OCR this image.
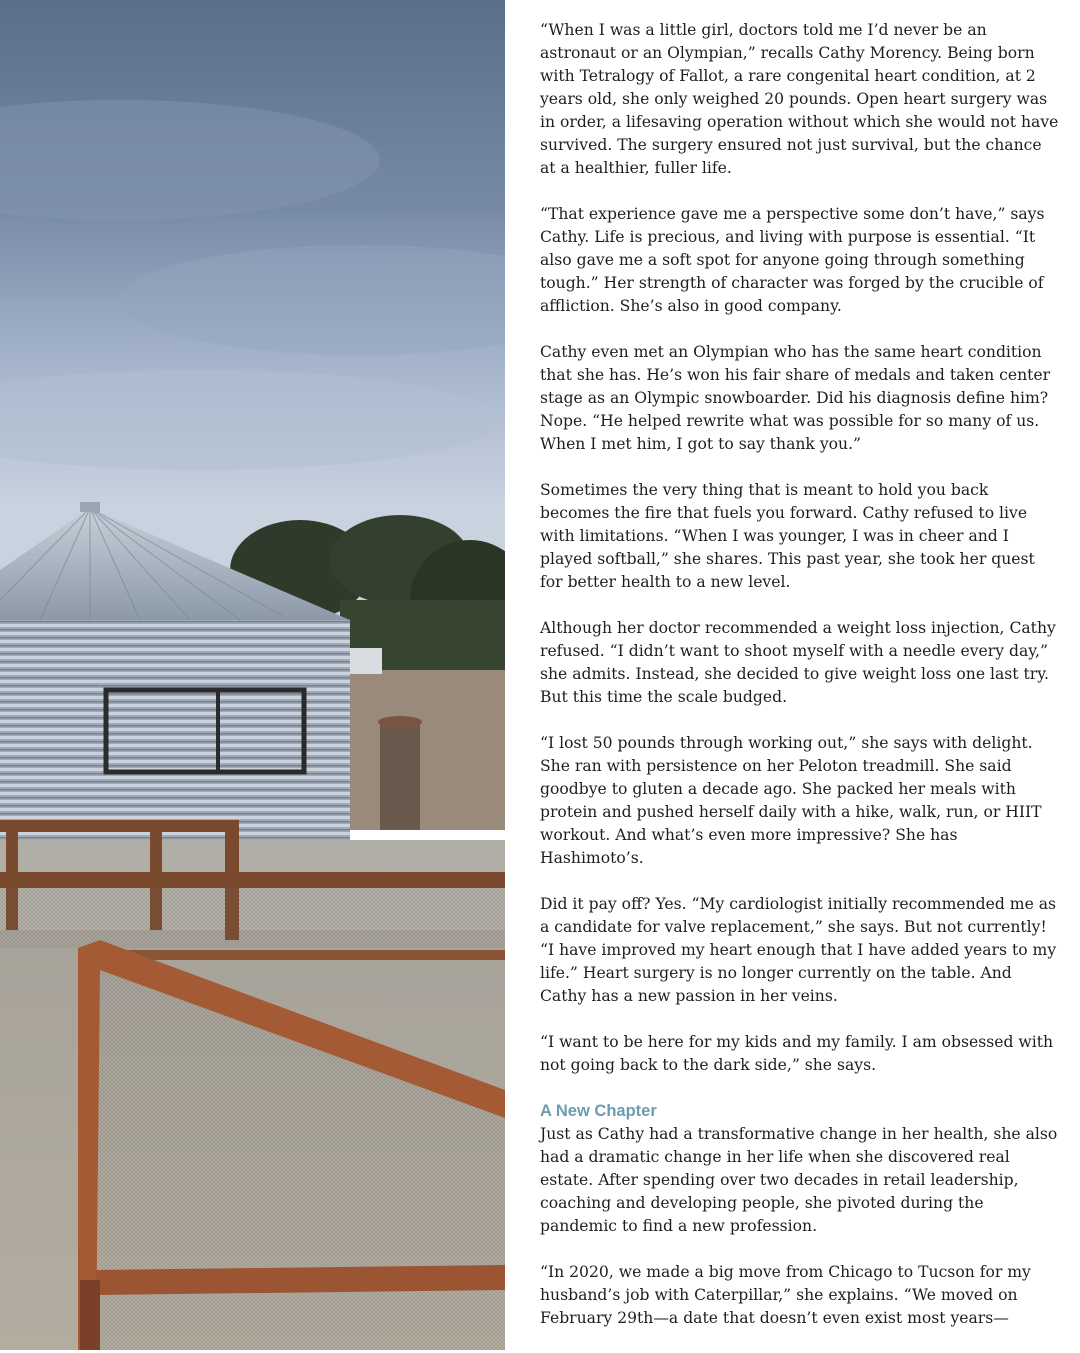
“When I was a little girl, doctors told me I’d never be an astronaut or an Olympian,” recalls Cathy Morency. Being born with Tetralogy of Fallot, a rare congenital heart condition, at 2 years old, she only weighed 20 pounds. Open heart surgery was in order, a lifesaving operation without which she would not have survived. The surgery ensured not just survival, but the chance at a healthier, fuller life.

“That experience gave me a perspective some don’t have,” says Cathy. Life is precious, and living with purpose is essential. “It also gave me a soft spot for anyone going through something tough.” Her strength of character was forged by the crucible of affliction. She’s also in good company.

Cathy even met an Olympian who has the same heart condition that she has. He’s won his fair share of medals and taken center stage as an Olympic snowboarder. Did his diagnosis define him? Nope. “He helped rewrite what was possible for so many of us. When I met him, I got to say thank you.”

Sometimes the very thing that is meant to hold you back becomes the fire that fuels you forward. Cathy refused to live with limitations. “When I was younger, I was in cheer and I played softball,” she shares. This past year, she took her quest for better health to a new level.

Although her doctor recommended a weight loss injection, Cathy refused. “I didn’t want to shoot myself with a needle every day,” she admits. Instead, she decided to give weight loss one last try. But this time the scale budged.

“I lost 50 pounds through working out,” she says with delight. She ran with persistence on her Peloton treadmill. She said goodbye to gluten a decade ago. She packed her meals with protein and pushed herself daily with a hike, walk, run, or HIIT workout. And what’s even more impressive? She has Hashimoto’s.

Did it pay off? Yes. “My cardiologist initially recommended me as a candidate for valve replacement,” she says. But not currently! “I have improved my heart enough that I have added years to my life.” Heart surgery is no longer currently on the table. And Cathy has a new passion in her veins.

“I want to be here for my kids and my family. I am obsessed with not going back to the dark side,” she says.

A New Chapter

Just as Cathy had a transformative change in her health, she also had a dramatic change in her life when she discovered real estate. After spending over two decades in retail leadership, coaching and developing people, she pivoted during the pandemic to find a new profession.

“In 2020, we made a big move from Chicago to Tucson for my husband’s job with Caterpillar,” she explains. “We moved on February 29th—a date that doesn’t even exist most years—
